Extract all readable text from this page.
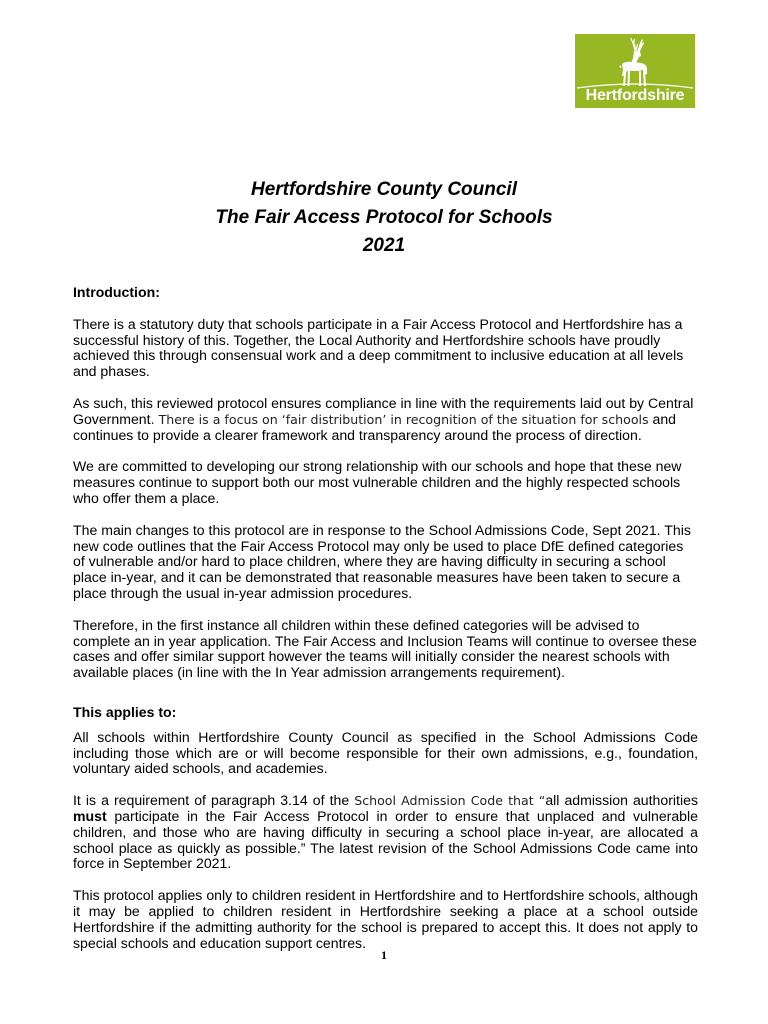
Hertfordshire
Hertfordshire County Council
The Fair Access Protocol for Schools
2021

Introduction:

There is a statutory duty that schools participate in a Fair Access Protocol and Hertfordshire has a successful history of this. Together, the Local Authority and Hertfordshire schools have proudly achieved this through consensual work and a deep commitment to inclusive education at all levels and phases.

As such, this reviewed protocol ensures compliance in line with the requirements laid out by Central Government. There is a focus on ‘fair distribution’ in recognition of the situation for schools and continues to provide a clearer framework and transparency around the process of direction.

We are committed to developing our strong relationship with our schools and hope that these new measures continue to support both our most vulnerable children and the highly respected schools who offer them a place.

The main changes to this protocol are in response to the School Admissions Code, Sept 2021. This new code outlines that the Fair Access Protocol may only be used to place DfE defined categories of vulnerable and/or hard to place children, where they are having difficulty in securing a school place in-year, and it can be demonstrated that reasonable measures have been taken to secure a place through the usual in-year admission procedures.

Therefore, in the first instance all children within these defined categories will be advised to complete an in year application. The Fair Access and Inclusion Teams will continue to oversee these cases and offer similar support however the teams will initially consider the nearest schools with available places (in line with the In Year admission arrangements requirement).

This applies to:

All schools within Hertfordshire County Council as specified in the School Admissions Code including those which are or will become responsible for their own admissions, e.g., foundation, voluntary aided schools, and academies.

It is a requirement of paragraph 3.14 of the School Admission Code that “all admission authorities must participate in the Fair Access Protocol in order to ensure that unplaced and vulnerable children, and those who are having difficulty in securing a school place in-year, are allocated a school place as quickly as possible.” The latest revision of the School Admissions Code came into force in September 2021.

This protocol applies only to children resident in Hertfordshire and to Hertfordshire schools, although it may be applied to children resident in Hertfordshire seeking a place at a school outside Hertfordshire if the admitting authority for the school is prepared to accept this. It does not apply to special schools and education support centres.

1
